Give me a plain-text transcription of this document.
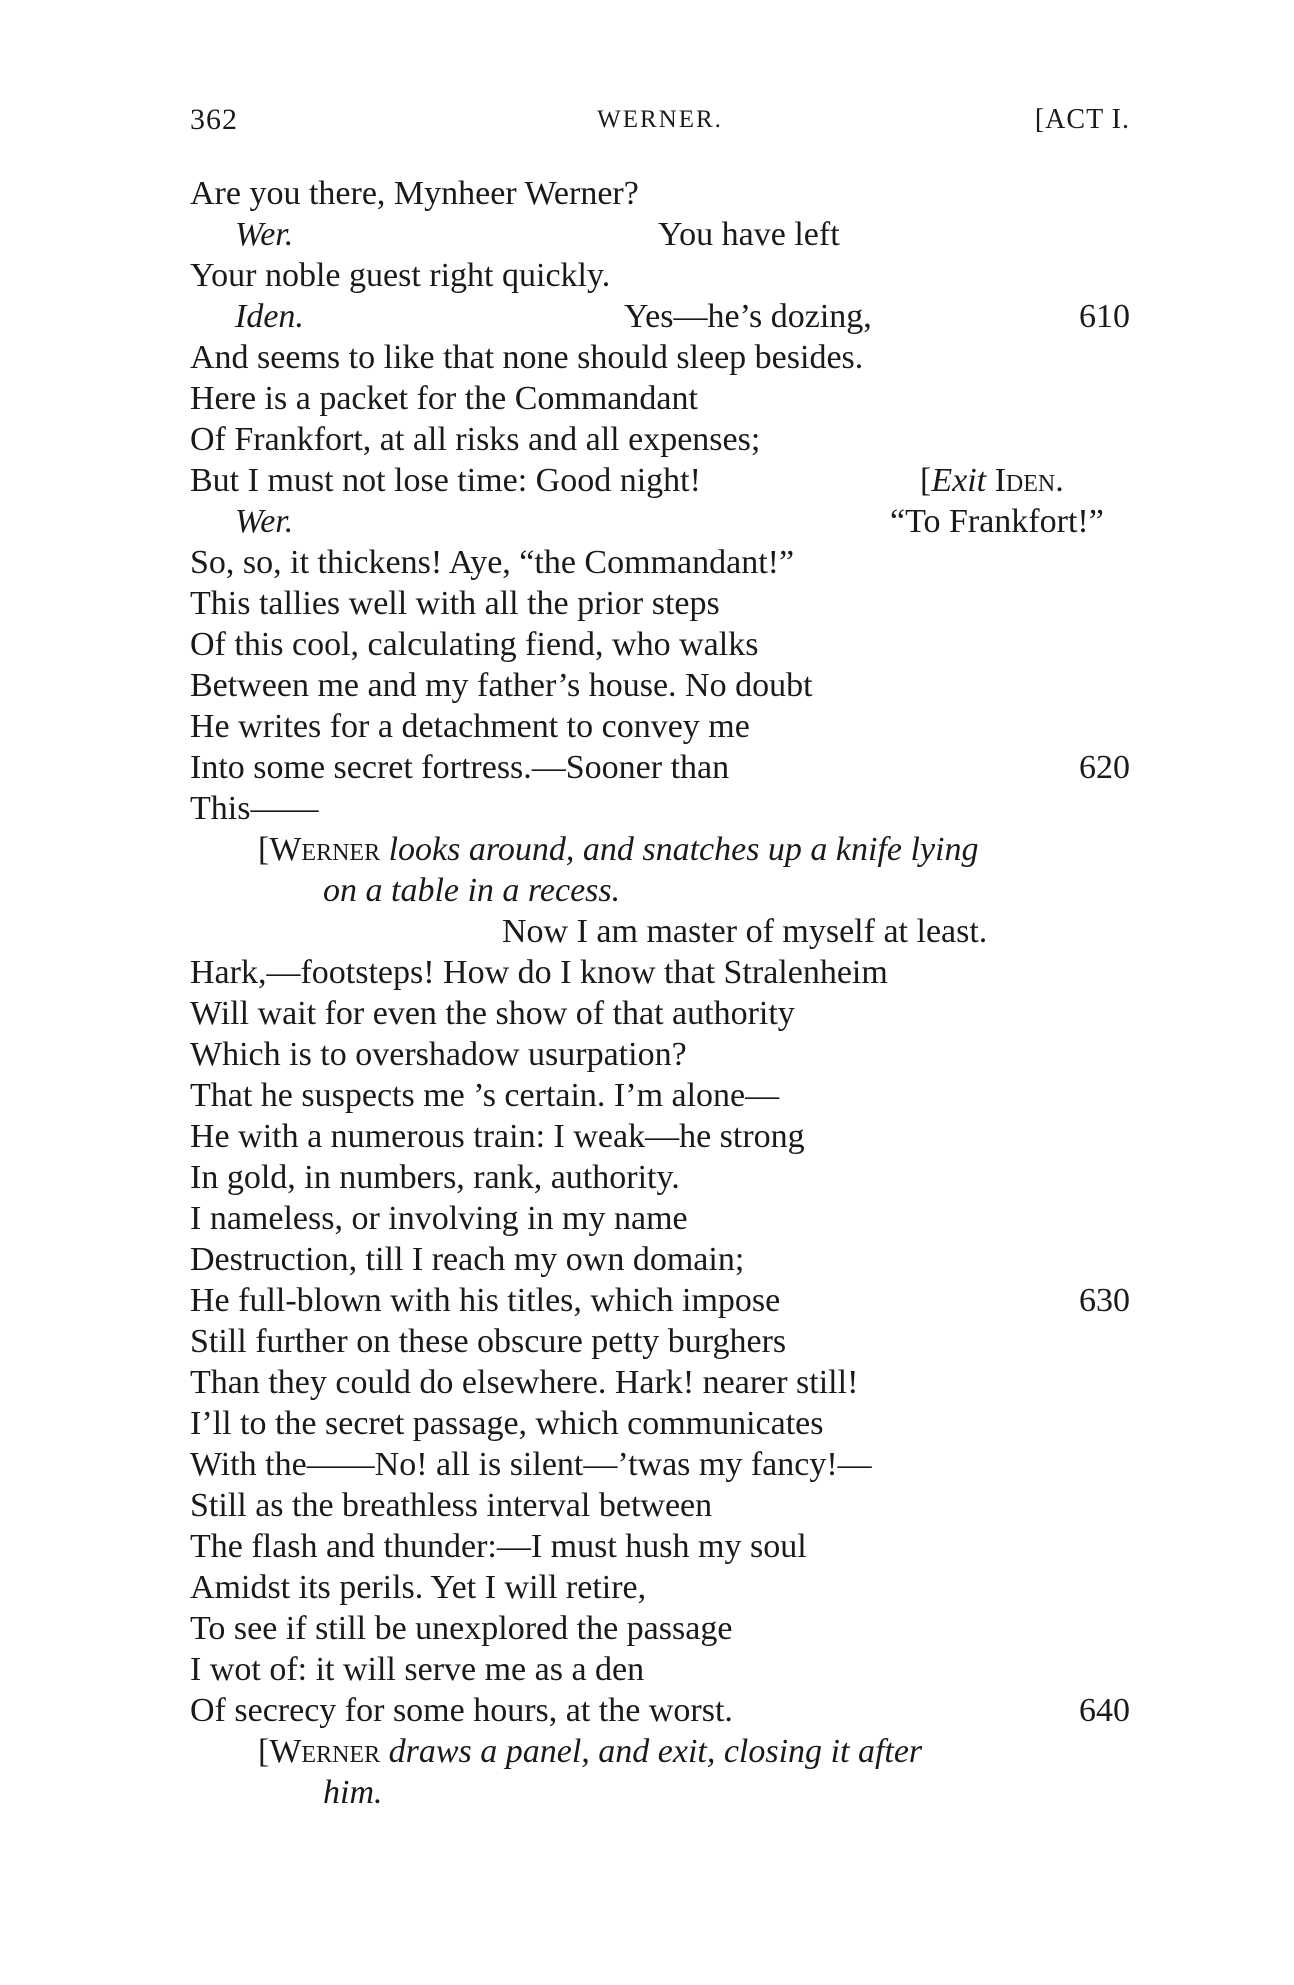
362	WERNER.	[ACT I.
Are you there, Mynheer Werner?
Wer.	You have left
Your noble guest right quickly.
Iden.	Yes—he’s dozing,	610
And seems to like that none should sleep besides.
Here is a packet for the Commandant
Of Frankfort, at all risks and all expenses;
But I must not lose time: Good night!	[Exit Iden.
Wer.	“To Frankfort!”
So, so, it thickens! Aye, “the Commandant!”
This tallies well with all the prior steps
Of this cool, calculating fiend, who walks
Between me and my father’s house. No doubt
He writes for a detachment to convey me
Into some secret fortress.—Sooner than	620
This——
[Werner looks around, and snatches up a knife lying
on a table in a recess.
Now I am master of myself at least.
Hark,—footsteps! How do I know that Stralenheim
Will wait for even the show of that authority
Which is to overshadow usurpation?
That he suspects me ’s certain. I’m alone—
He with a numerous train: I weak—he strong
In gold, in numbers, rank, authority.
I nameless, or involving in my name
Destruction, till I reach my own domain;
He full-blown with his titles, which impose	630
Still further on these obscure petty burghers
Than they could do elsewhere. Hark! nearer still!
I’ll to the secret passage, which communicates
With the——No! all is silent—’twas my fancy!—
Still as the breathless interval between
The flash and thunder:—I must hush my soul
Amidst its perils. Yet I will retire,
To see if still be unexplored the passage
I wot of: it will serve me as a den
Of secrecy for some hours, at the worst.	640
[Werner draws a panel, and exit, closing it after
him.
